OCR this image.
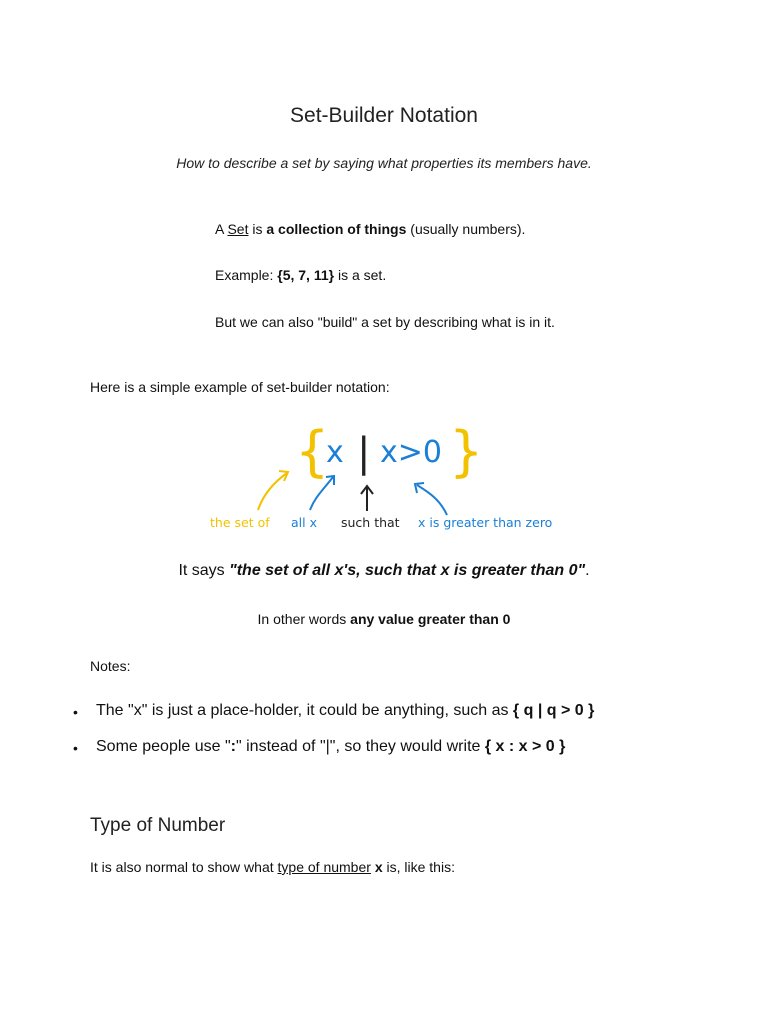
Set-Builder Notation
How to describe a set by saying what properties its members have.
A Set is a collection of things (usually numbers).
Example: {5, 7, 11} is a set.
But we can also "build" a set by describing what is in it.
Here is a simple example of set-builder notation:
{
x | x>0 }
the set of all x such that x is greater than zero
It says "the set of all x's, such that x is greater than 0".
In other words any value greater than 0
Notes:
• The "x" is just a place-holder, it could be anything, such as { q | q > 0 }
• Some people use ":" instead of "|", so they would write { x : x > 0 }
Type of Number
It is also normal to show what type of number x is, like this:
